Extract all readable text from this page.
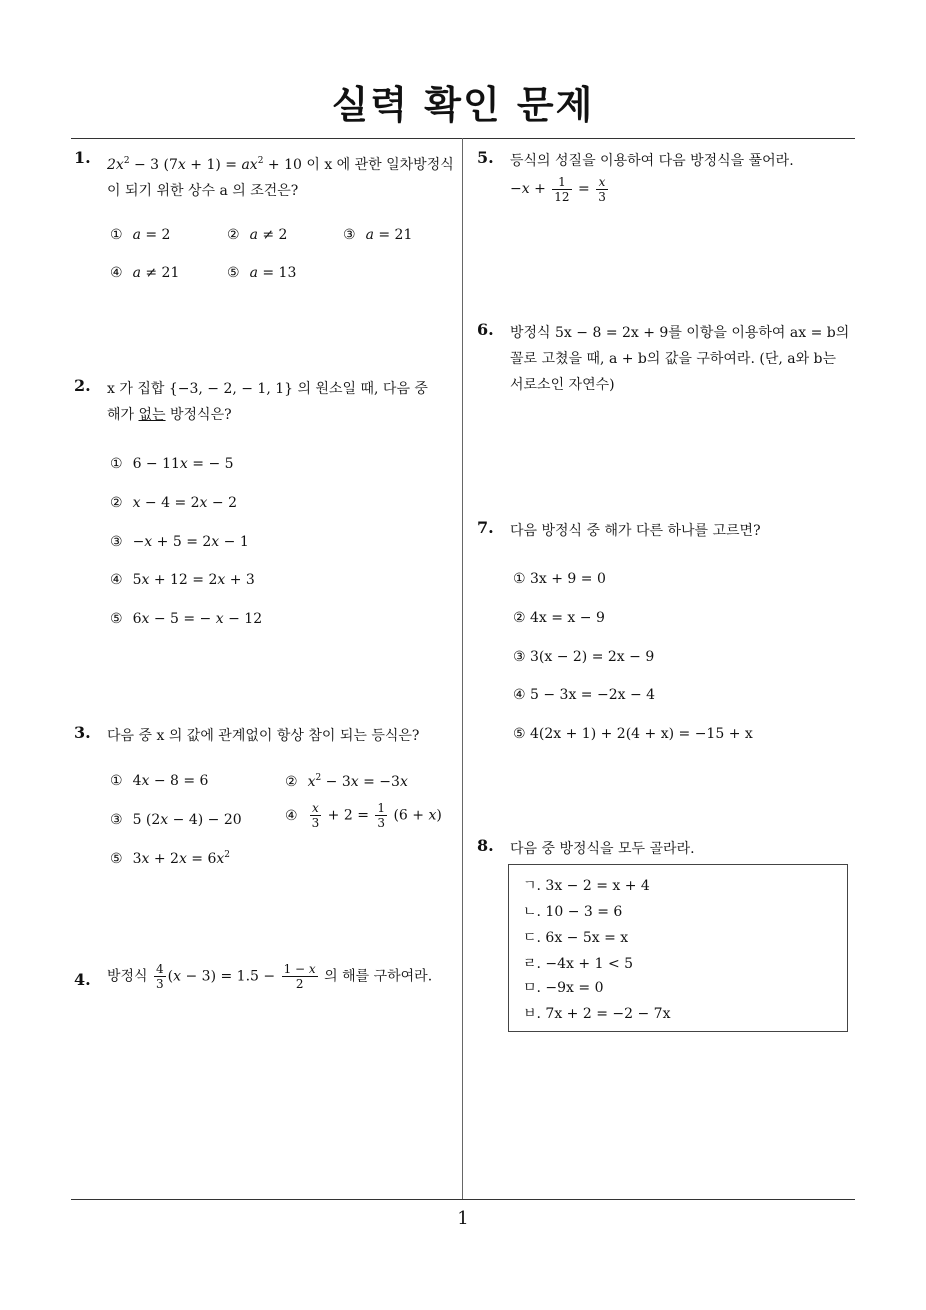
실력 확인 문제
1
1. $2x^2 - 3$ $(7x + 1) = ax^2 + 10$ 이 x 에 관한 일차방정식
이 되기 위한 상수 a 의 조건은?
① a = 2	② a ≠ 2	③ a = 21
④ a ≠ 21	⑤ a = 13
2. x 가 집합 {−3, − 2, − 1, 1} 의 원소일 때, 다음 중
해가 없는 방정식은?
① 6 − 11x = − 5
② x − 4 = 2x − 2
③ −x + 5 = 2x − 1
④ 5x + 12 = 2x + 3
⑤ 6x − 5 = − x − 12
3. 다음 중 x 의 값에 관계없이 항상 참이 되는 등식은?
① 4x − 8 = 6	② $x^2 - 3x = -3x$
③ 5 (2x − 4) − 20	④ $\frac{x}{3} + 2 = \frac{1}{3} (6 + x)$
⑤ $3x + 2x = 6x^2$
4. 방정식 $\frac{4}{3} (x - 3) = 1.5 - \frac{1 - x}{2}$ 의 해를 구하여라.
5. 등식의 성질을 이용하여 다음 방정식을 풀어라.
$-x + \frac{1}{12} = \frac{x}{3}$
6. 방정식 5x − 8 = 2x + 9를 이항을 이용하여 ax = b의
꼴로 고쳤을 때, a + b의 값을 구하여라. (단, a와 b는
서로소인 자연수)
7. 다음 방정식 중 해가 다른 하나를 고르면?
① 3x + 9 = 0
② 4x = x − 9
③ 3(x − 2) = 2x − 9
④ 5 − 3x = −2x − 4
⑤ 4(2x + 1) + 2(4 + x) = −15 + x
8. 다음 중 방정식을 모두 골라라.
ㄱ. 3x − 2 = x + 4
ㄴ. 10 − 3 = 6
ㄷ. 6x − 5x = x
ㄹ. −4x + 1 < 5
ㅁ. −9x = 0
ㅂ. 7x + 2 = −2 − 7x
